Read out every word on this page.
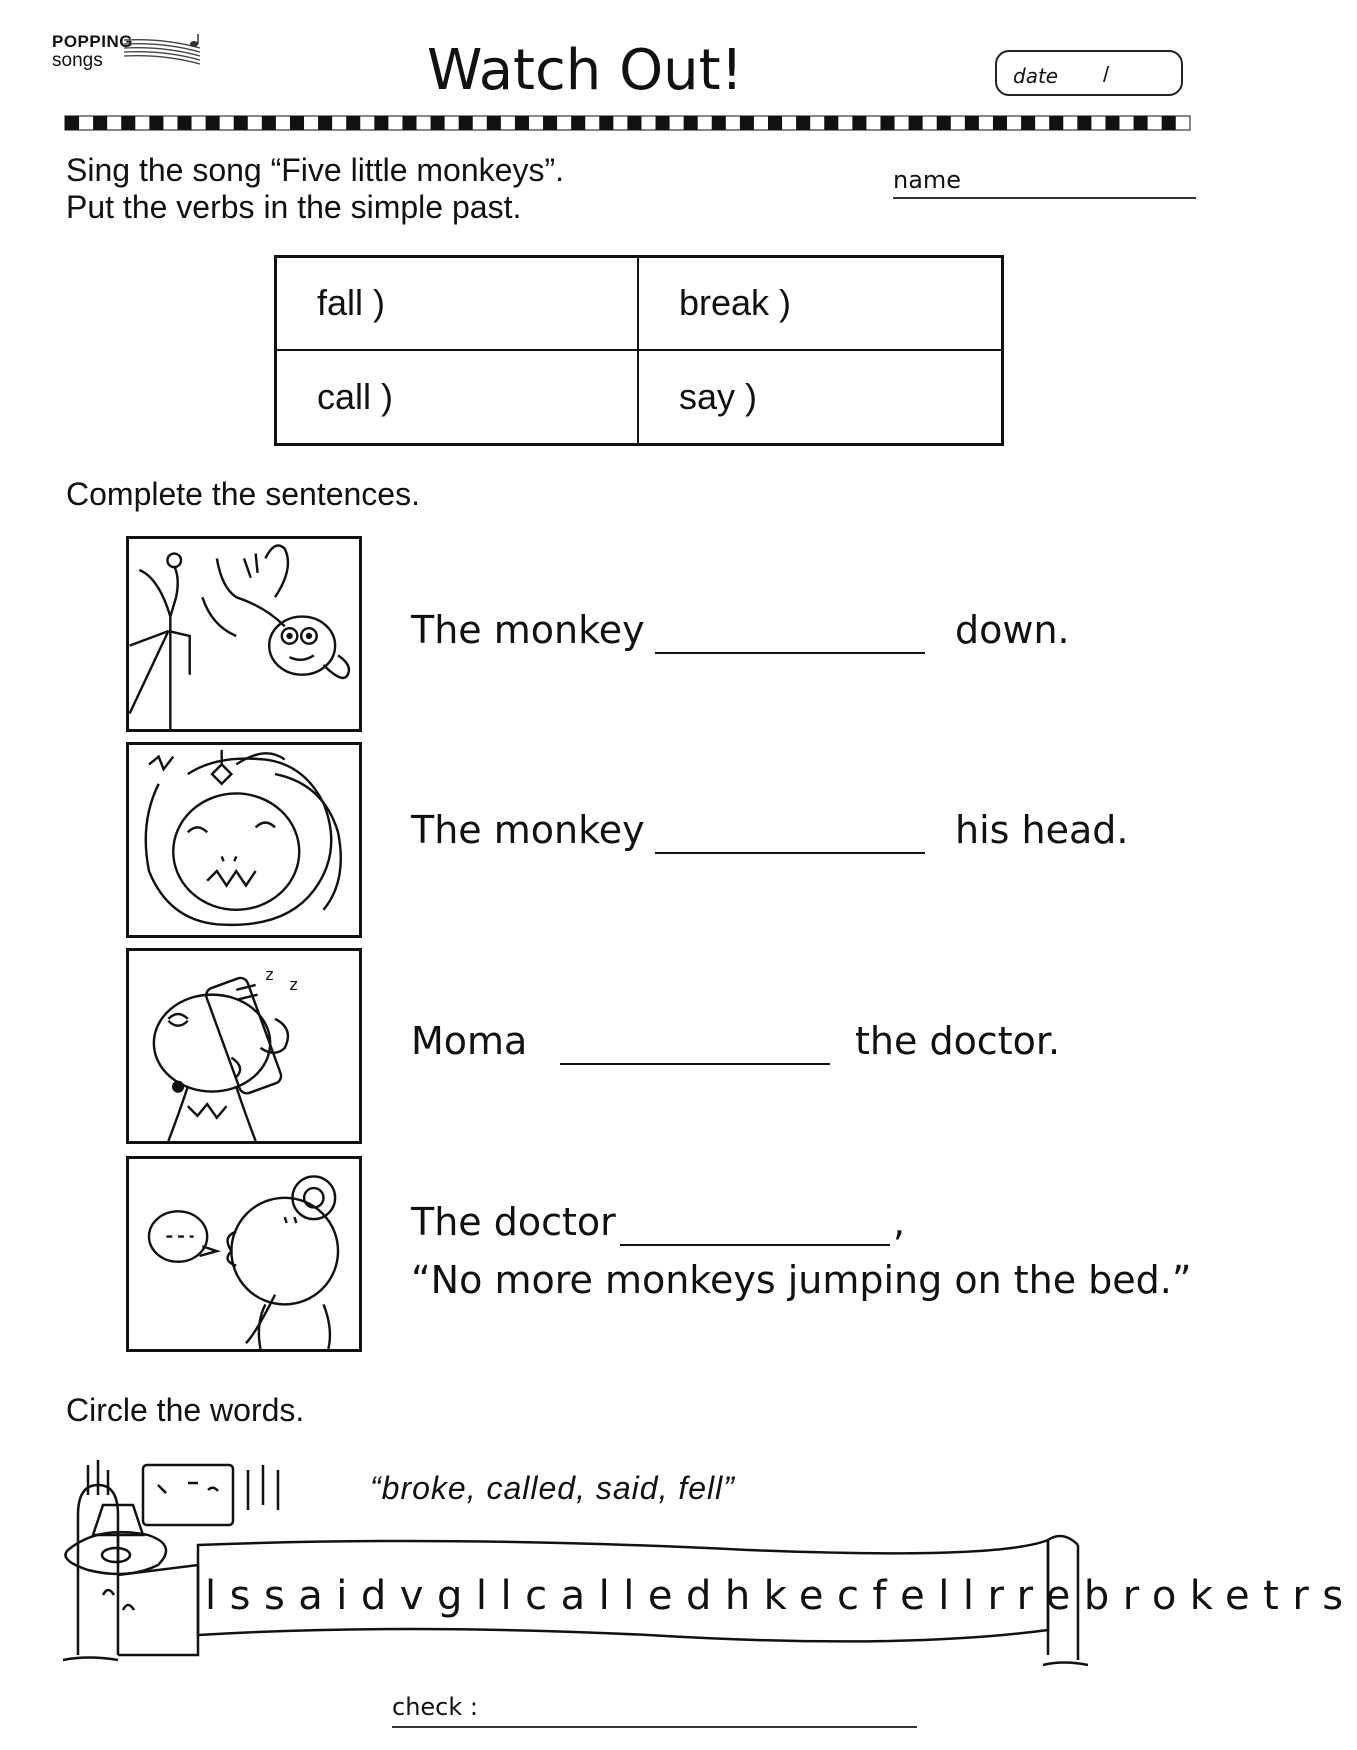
POPPING
songs	Watch Out!	date /
Sing the song “Five little monkeys”.
Put the verbs in the simple past.
name
fall )	break )
call )	say )
Complete the sentences.
The monkey	down.
The monkey	his head.
z
z
Moma	the doctor.
The doctor	,
“No more monkeys jumping on the bed.”
Circle the words.
“broke, called, said, fell”
lssaidvgllcalledhkecfellrrebroketrs
check :
